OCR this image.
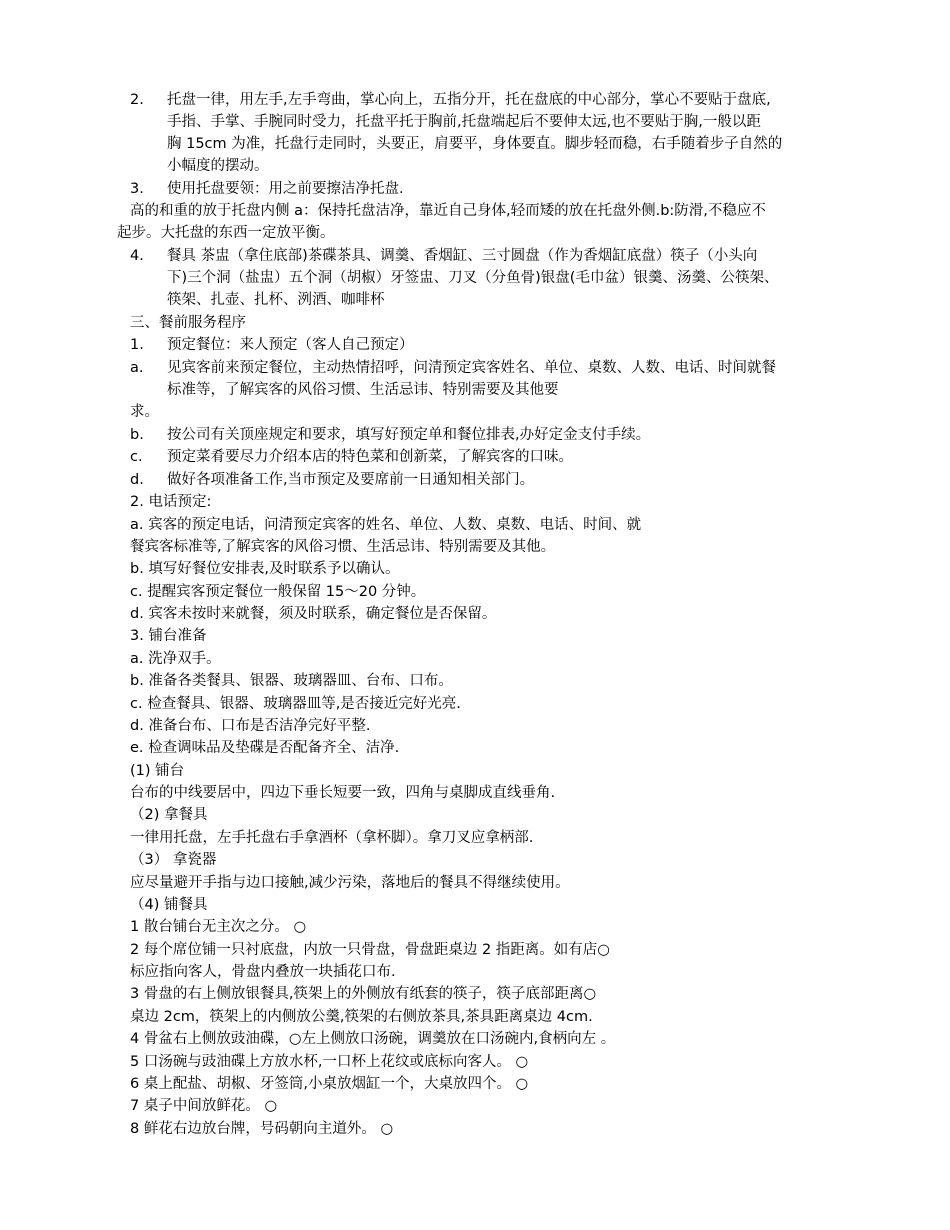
2. 托盘一律，用左手,左手弯曲，掌心向上，五指分开，托在盘底的中心部分，掌心不要贴于盘底,
手指、手掌、手腕同时受力，托盘平托于胸前,托盘端起后不要伸太远,也不要贴于胸,一般以距
胸 15cm 为准，托盘行走同时，头要正，肩要平，身体要直。脚步轻而稳，右手随着步子自然的
小幅度的摆动。
3. 使用托盘要领：用之前要擦洁净托盘.
高的和重的放于托盘内侧 a：保持托盘洁净，靠近自己身体,轻而矮的放在托盘外侧.b:防滑,不稳应不
起步。大托盘的东西一定放平衡。
4. 餐具 茶盅（拿住底部)茶碟茶具、调羹、香烟缸、三寸圆盘（作为香烟缸底盘）筷子（小头向
下)三个洞（盐盅）五个洞（胡椒）牙签盅、刀叉（分鱼骨)银盘(毛巾盆）银羹、汤羹、公筷架、
筷架、扎壶、扎杯、洌酒、咖啡杯
三、餐前服务程序
1. 预定餐位：来人预定（客人自己预定）
a. 见宾客前来预定餐位，主动热情招呼，问清预定宾客姓名、单位、桌数、人数、电话、时间就餐
标准等，了解宾客的风俗习惯、生活忌讳、特别需要及其他要
求。
b. 按公司有关顶座规定和要求，填写好预定单和餐位排表,办好定金支付手续。
c. 预定菜肴要尽力介绍本店的特色菜和创新菜，了解宾客的口味。
d. 做好各项准备工作,当市预定及要席前一日通知相关部门。
2. 电话预定:
a. 宾客的预定电话，问清预定宾客的姓名、单位、人数、桌数、电话、时间、就
餐宾客标准等,了解宾客的风俗习惯、生活忌讳、特别需要及其他。
b. 填写好餐位安排表,及时联系予以确认。
c. 提醒宾客预定餐位一般保留 15～20 分钟。
d. 宾客未按时来就餐，须及时联系，确定餐位是否保留。
3. 铺台准备
a. 洗净双手。
b. 准备各类餐具、银器、玻璃器皿、台布、口布。
c. 检查餐具、银器、玻璃器皿等,是否接近完好光亮.
d. 准备台布、口布是否洁净完好平整.
e. 检查调味品及垫碟是否配备齐全、洁净.
(1) 铺台
台布的中线要居中，四边下垂长短要一致，四角与桌脚成直线垂角.
（2) 拿餐具
一律用托盘，左手托盘右手拿酒杯（拿杯脚）。拿刀叉应拿柄部.
（3） 拿瓷器
应尽量避开手指与边口接触,减少污染，落地后的餐具不得继续使用。
（4) 铺餐具
1 散台铺台无主次之分。 ○
2 每个席位铺一只衬底盘，内放一只骨盘，骨盘距桌边 2 指距离。如有店○
标应指向客人，骨盘内叠放一块插花口布.
3 骨盘的右上侧放银餐具,筷架上的外侧放有纸套的筷子，筷子底部距离○
桌边 2cm，筷架上的内侧放公羹,筷架的右侧放茶具,茶具距离桌边 4cm.
4 骨盆右上侧放豉油碟，○左上侧放口汤碗，调羹放在口汤碗内,食柄向左 。
5 口汤碗与豉油碟上方放水杯,一口杯上花纹或底标向客人。 ○
6 桌上配盐、胡椒、牙签筒,小桌放烟缸一个，大桌放四个。 ○
7 桌子中间放鲜花。 ○
8 鲜花右边放台牌，号码朝向主道外。 ○
